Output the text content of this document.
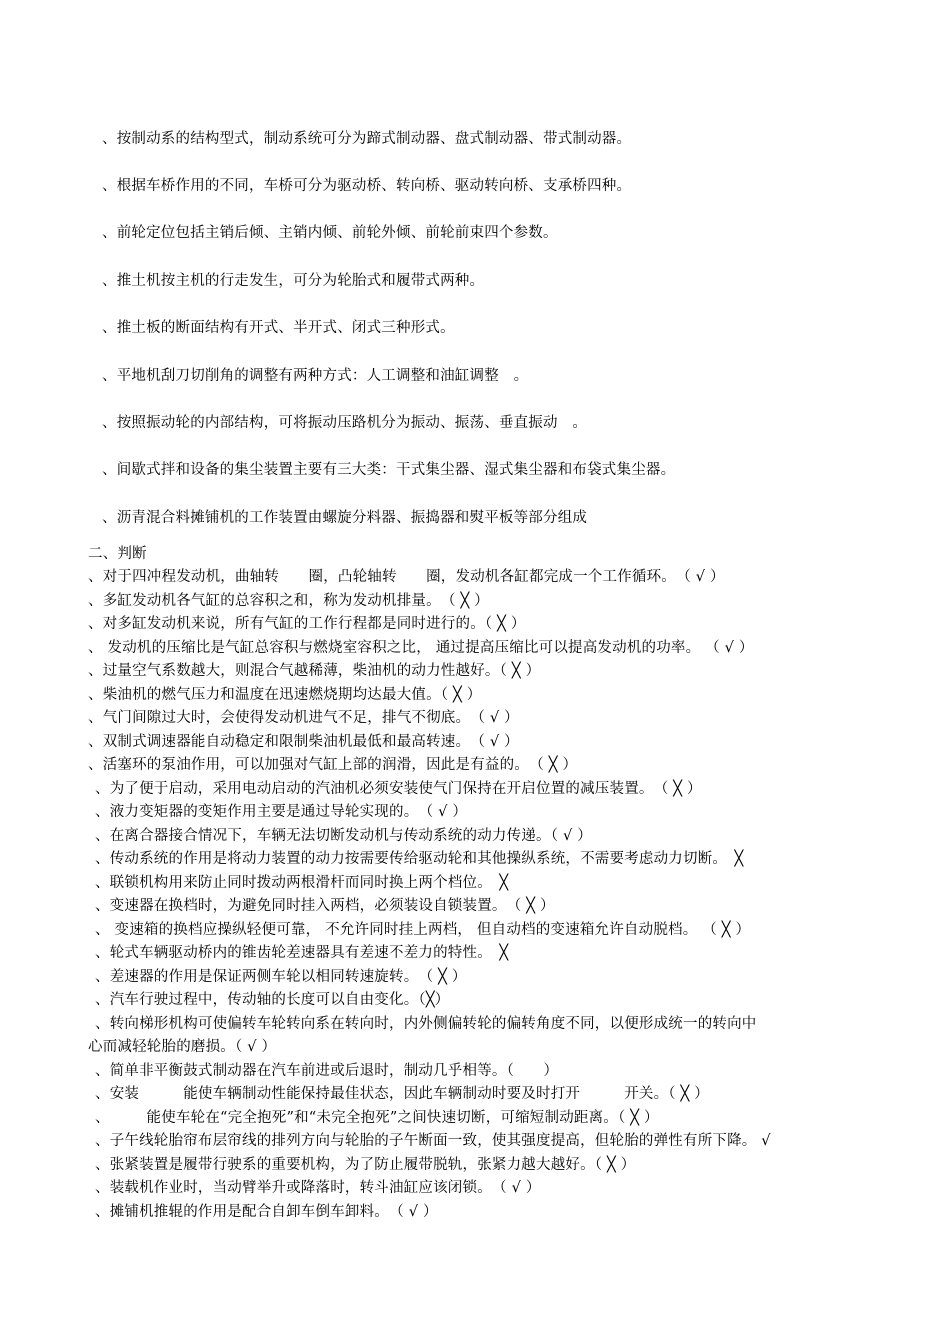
、按制动系的结构型式，制动系统可分为蹄式制动器、盘式制动器、带式制动器。
、根据车桥作用的不同，车桥可分为驱动桥、转向桥、驱动转向桥、支承桥四种。
、前轮定位包括主销后倾、主销内倾、前轮外倾、前轮前束四个参数。
、推土机按主机的行走发生，可分为轮胎式和履带式两种。
、推土板的断面结构有开式、半开式、闭式三种形式。
、平地机刮刀切削角的调整有两种方式：人工调整和油缸调整　。
、按照振动轮的内部结构，可将振动压路机分为振动、振荡、垂直振动　。
、间歇式拌和设备的集尘装置主要有三大类：干式集尘器、湿式集尘器和布袋式集尘器。
、沥青混合料摊铺机的工作装置由螺旋分料器、振捣器和熨平板等部分组成
二、判断
、对于四冲程发动机，曲轴转　　圈，凸轮轴转　　圈，发动机各缸都完成一个工作循环。　（ √ ）
、多缸发动机各气缸的总容积之和，称为发动机排量。　（ ╳ ）
、对多缸发动机来说，所有气缸的工作行程都是同时进行的。（ ╳ ）
、 发动机的压缩比是气缸总容积与燃烧室容积之比， 通过提高压缩比可以提高发动机的功率。 （ √ ）
、过量空气系数越大，则混合气越稀薄，柴油机的动力性越好。（ ╳ ）
、柴油机的燃气压力和温度在迅速燃烧期均达最大值。（ ╳ ）
、气门间隙过大时，会使得发动机进气不足，排气不彻底。　（ √ ）
、双制式调速器能自动稳定和限制柴油机最低和最高转速。　（ √ ）
、活塞环的泵油作用，可以加强对气缸上部的润滑，因此是有益的。　（ ╳ ）
、为了便于启动，采用电动启动的汽油机必须安装使气门保持在开启位置的减压装置。　（ ╳ ）
、液力变矩器的变矩作用主要是通过导轮实现的。　（ √ ）
、在离合器接合情况下，车辆无法切断发动机与传动系统的动力传递。（ √ ）
、传动系统的作用是将动力装置的动力按需要传给驱动轮和其他操纵系统，不需要考虑动力切断。　╳
、联锁机构用来防止同时拨动两根滑杆而同时换上两个档位。　╳
、变速器在换档时，为避免同时挂入两档，必须装设自锁装置。　（ ╳ ）
、 变速箱的换档应操纵轻便可靠， 不允许同时挂上两档， 但自动档的变速箱允许自动脱档。 （ ╳ ）
、轮式车辆驱动桥内的锥齿轮差速器具有差速不差力的特性。　╳
、差速器的作用是保证两侧车轮以相同转速旋转。　（ ╳ ）
、汽车行驶过程中，传动轴的长度可以自由变化。（╳）
、转向梯形机构可使偏转车轮转向系在转向时，内外侧偏转轮的偏转角度不同，以便形成统一的转向中
心而减轻轮胎的磨损。（ √ ）
、简单非平衡鼓式制动器在汽车前进或后退时，制动几乎相等。（　　）
、安装　　　能使车辆制动性能保持最佳状态，因此车辆制动时要及时打开　　　开关。（ ╳ ）
、　　　能使车轮在“完全抱死”和“未完全抱死”之间快速切断，可缩短制动距离。（ ╳ ）
、子午线轮胎帘布层帘线的排列方向与轮胎的子午断面一致，使其强度提高，但轮胎的弹性有所下降。 √
、张紧装置是履带行驶系的重要机构，为了防止履带脱轨，张紧力越大越好。（ ╳ ）
、装载机作业时，当动臂举升或降落时，转斗油缸应该闭锁。　（ √ ）
、摊铺机推辊的作用是配合自卸车倒车卸料。　（ √ ）
